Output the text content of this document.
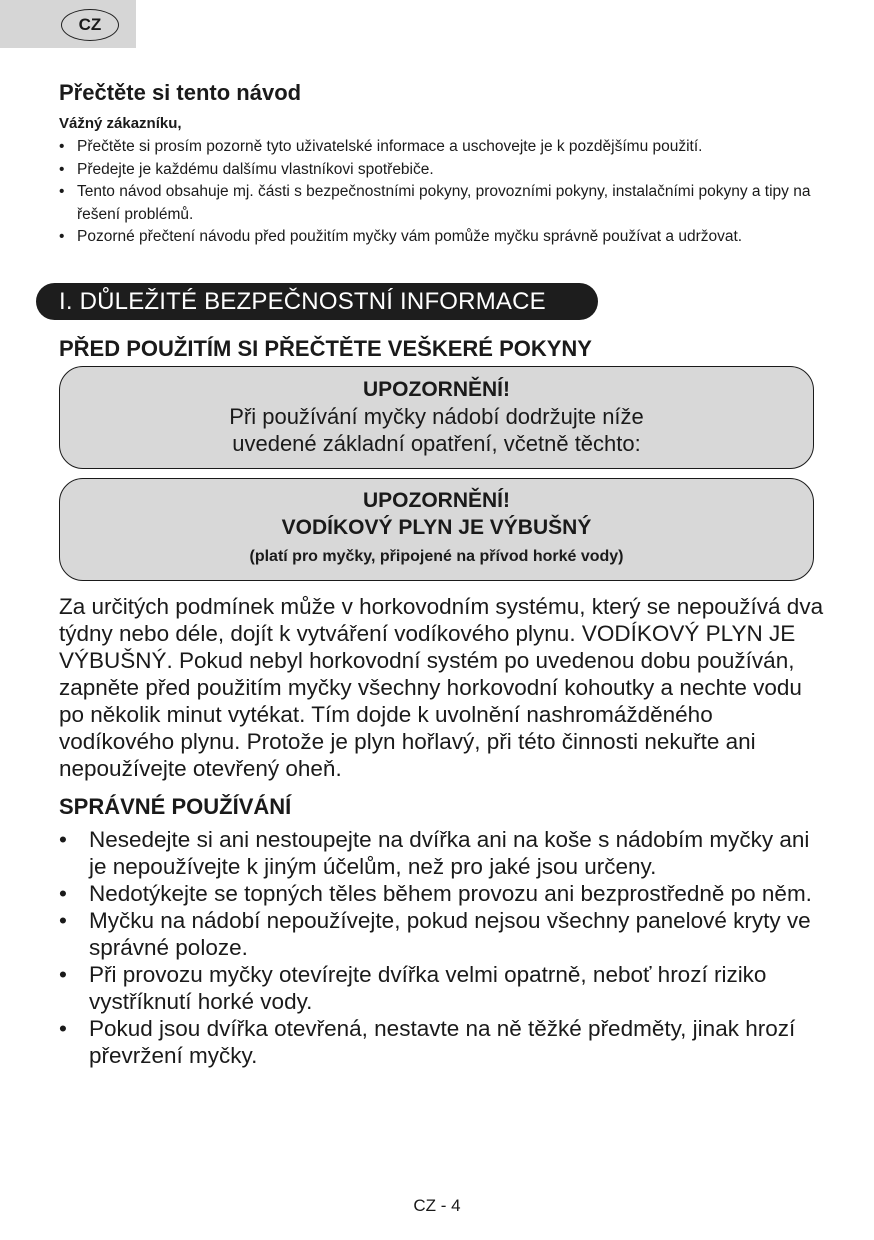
CZ
Přečtěte si tento návod

Vážný zákazníku,

• Přečtěte si prosím pozorně tyto uživatelské informace a uschovejte je k pozdějšímu použití.
• Předejte je každému dalšímu vlastníkovi spotřebiče.
• Tento návod obsahuje mj. části s bezpečnostními pokyny, provozními pokyny, instalačními pokyny a tipy na řešení problémů.
• Pozorné přečtení návodu před použitím myčky vám pomůže myčku správně používat a udržovat.
I. DŮLEŽITÉ BEZPEČNOSTNÍ INFORMACE
PŘED POUŽITÍM SI PŘEČTĚTE VEŠKERÉ POKYNY
UPOZORNĚNÍ!
Při používání myčky nádobí dodržujte níže
uvedené základní opatření, včetně těchto:
UPOZORNĚNÍ!
VODÍKOVÝ PLYN JE VÝBUŠNÝ
(platí pro myčky, připojené na přívod horké vody)

Za určitých podmínek může v horkovodním systému, který se nepoužívá dva týdny nebo déle, dojít k vytváření vodíkového plynu. VODÍKOVÝ PLYN JE VÝBUŠNÝ. Pokud nebyl horkovodní systém po uvedenou dobu používán, zapněte před použitím myčky všechny horkovodní kohoutky a nechte vodu po několik minut vytékat. Tím dojde k uvolnění nashromážděného vodíkového plynu. Protože je plyn hořlavý, při této činnosti nekuřte ani nepoužívejte otevřený oheň.

SPRÁVNÉ POUŽÍVÁNÍ
• Nesedejte si ani nestoupejte na dvířka ani na koše s nádobím myčky ani je nepoužívejte k jiným účelům, než pro jaké jsou určeny.
• Nedotýkejte se topných těles během provozu ani bezprostředně po něm.
• Myčku na nádobí nepoužívejte, pokud nejsou všechny panelové kryty ve správné poloze.
• Při provozu myčky otevírejte dvířka velmi opatrně, neboť hrozí riziko vystříknutí horké vody.
• Pokud jsou dvířka otevřená, nestavte na ně těžké předměty, jinak hrozí převržení myčky.
CZ - 4
